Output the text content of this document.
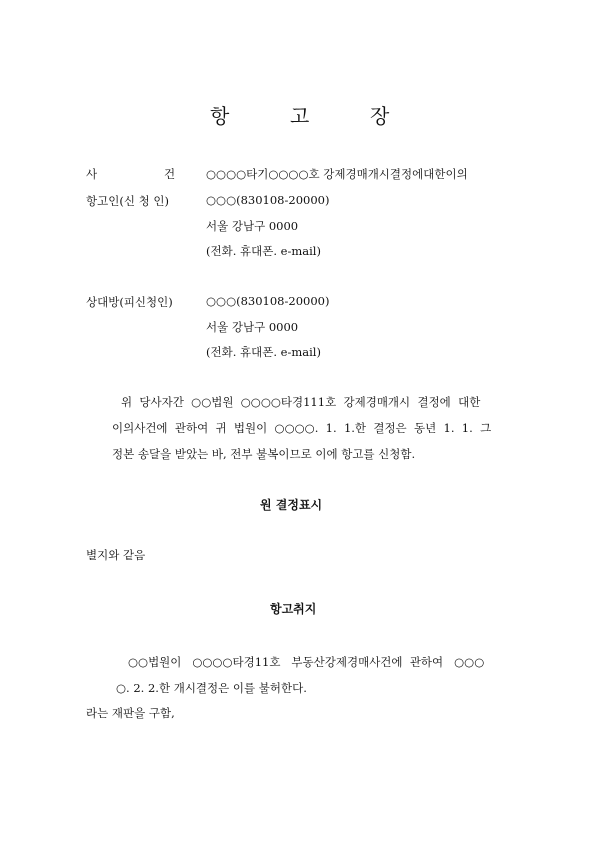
항	고	장
사	건	○○○○타기○○○○호 강제경매개시결정에대한이의
항고인(신 청 인)	○○○(830108-20000)
서울 강남구 0000
(전화. 휴대폰. e-mail)
상대방(피신청인)	○○○(830108-20000)
서울 강남구 0000
(전화. 휴대폰. e-mail)
위  당사자간  ○○법원  ○○○○타경111호  강제경매개시  결정에  대한
이의사건에  관하여  귀  법원이  ○○○○.  1.  1.한  결정은  동년  1.  1.  그
정본 송달을 받았는 바, 전부 불복이므로 이에 항고를 신청함.
원 결정표시
별지와 같음
항고취지
○○법원이   ○○○○타경11호   부동산강제경매사건에  관하여   ○○○
○. 2. 2.한 개시결정은 이를 불허한다.
라는 재판을 구함,
